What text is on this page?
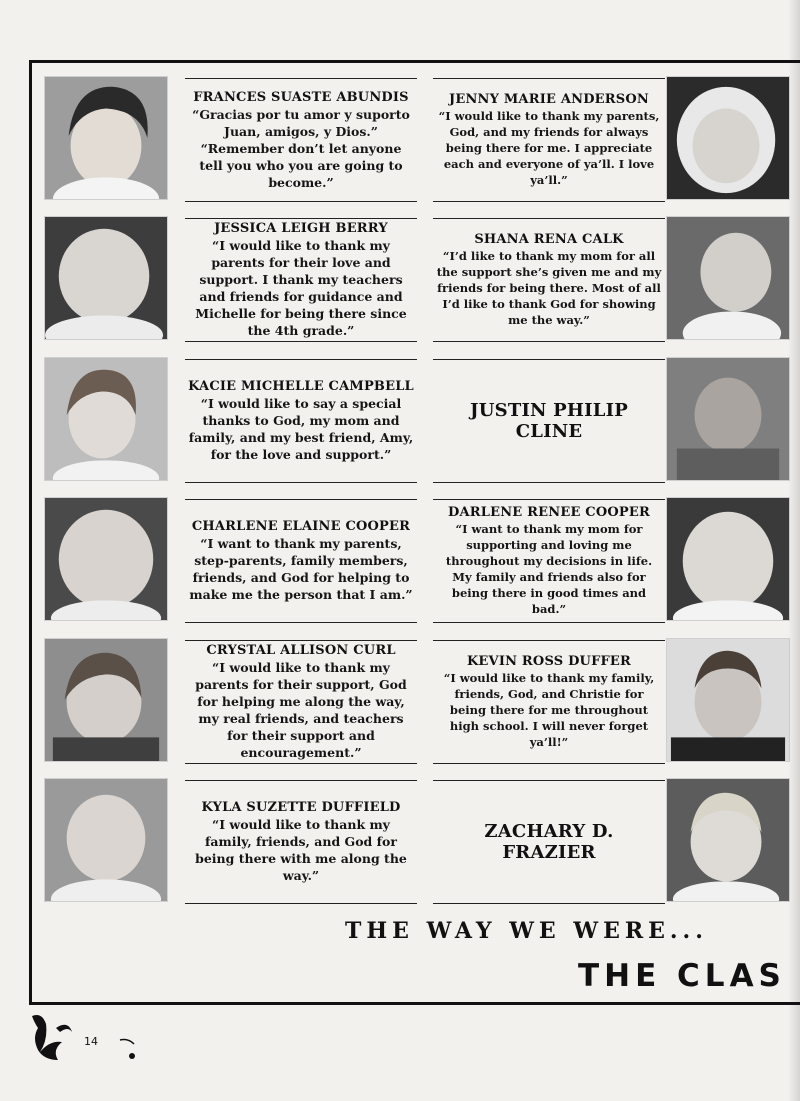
FRANCES SUASTE ABUNDIS
“Gracias por tu amor y suporto Juan, amigos, y Dios.” “Remember don’t let anyone tell you who you are going to become.”
JENNY MARIE ANDERSON
“I would like to thank my parents, God, and my friends for always being there for me. I appreciate each and everyone of ya’ll. I love ya’ll.”
JESSICA LEIGH BERRY
“I would like to thank my parents for their love and support. I thank my teachers and friends for guidance and Michelle for being there since the 4th grade.”
SHANA RENA CALK
“I’d like to thank my mom for all the support she’s given me and my friends for being there. Most of all I’d like to thank God for showing me the way.”
KACIE MICHELLE CAMPBELL
“I would like to say a special thanks to God, my mom and family, and my best friend, Amy, for the love and support.”
JUSTIN PHILIP CLINE
CHARLENE ELAINE COOPER
“I want to thank my parents, step-parents, family members, friends, and God for helping to make me the person that I am.”
DARLENE RENEE COOPER
“I want to thank my mom for supporting and loving me throughout my decisions in life. My family and friends also for being there in good times and bad.”
CRYSTAL ALLISON CURL
“I would like to thank my parents for their support, God for helping me along the way, my real friends, and teachers for their support and encouragement.”
KEVIN ROSS DUFFER
“I would like to thank my family, friends, God, and Christie for being there for me throughout high school. I will never forget ya’ll!”
KYLA SUZETTE DUFFIELD
“I would like to thank my family, friends, and God for being there with me along the way.”
ZACHARY D. FRAZIER
THE WAY WE WERE...
THE CLAS
14
